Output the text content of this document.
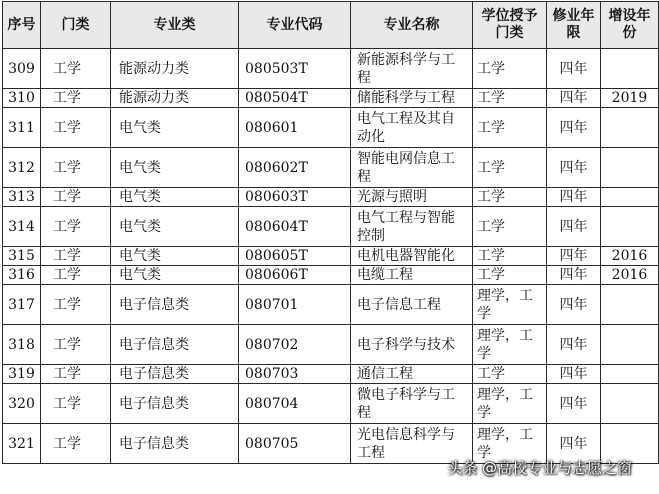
序号	门类	专业类	专业代码	专业名称	学位授予门类	修业年限	增设年份
309	工学	能源动力类	080503T	新能源科学与工程	工学	四年	
310	工学	能源动力类	080504T	储能科学与工程	工学	四年	2019
311	工学	电气类	080601	电气工程及其自动化	工学	四年	
312	工学	电气类	080602T	智能电网信息工程	工学	四年	
313	工学	电气类	080603T	光源与照明	工学	四年	
314	工学	电气类	080604T	电气工程与智能控制	工学	四年	
315	工学	电气类	080605T	电机电器智能化	工学	四年	2016
316	工学	电气类	080606T	电缆工程	工学	四年	2016
317	工学	电子信息类	080701	电子信息工程	理学，工学	四年	
318	工学	电子信息类	080702	电子科学与技术	理学，工学	四年	
319	工学	电子信息类	080703	通信工程	工学	四年	
320	工学	电子信息类	080704	微电子科学与工程	理学，工学	四年	
321	工学	电子信息类	080705	光电信息科学与工程	理学，工学	四年	
头条 @高校专业与志愿之窗
